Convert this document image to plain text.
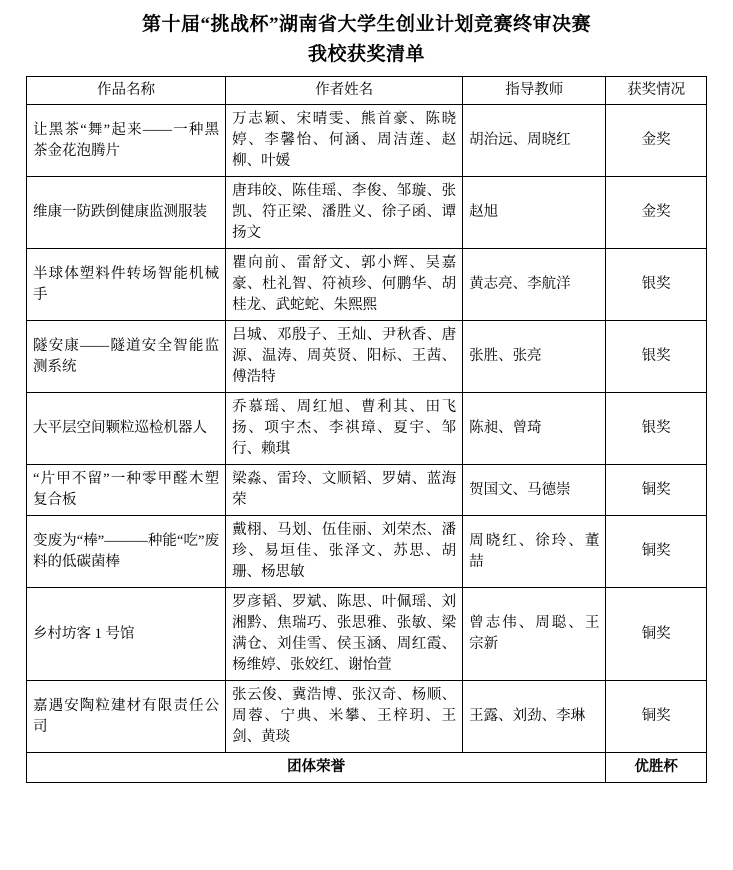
第十届“挑战杯”湖南省大学生创业计划竞赛终审决赛
我校获奖清单
作品名称	作者姓名	指导教师	获奖情况
让黑茶“舞”起来——一种黑茶金花泡腾片	万志颖、宋晴雯、熊首豪、陈晓婷、李馨怡、何涵、周洁莲、赵柳、叶媛	胡治远、周晓红	金奖
维康一防跌倒健康监测服装	唐玮皎、陈佳瑶、李俊、邹璇、张凯、符正梁、潘胜义、徐子函、谭扬文	赵旭	金奖
半球体塑料件转场智能机械手	瞿向前、雷舒文、郭小辉、吴嘉豪、杜礼智、符祯珍、何鹏华、胡桂龙、武蛇蛇、朱熙熙	黄志亮、李航洋	银奖
隧安康——隧道安全智能监测系统	吕城、邓殷子、王灿、尹秋香、唐源、温涛、周英贤、阳标、王茜、傅浩特	张胜、张亮	银奖
大平层空间颗粒巡检机器人	乔慕瑶、周红旭、曹利其、田飞扬、项宇杰、李祺璋、夏宇、邹行、赖琪	陈昶、曾琦	银奖
“片甲不留”一种零甲醛木塑复合板	梁淼、雷玲、文顺韬、罗婧、蓝海荣	贺国文、马德崇	铜奖
变废为“棒”———种能“吃”废料的低碳菌棒	戴栩、马划、伍佳丽、刘荣杰、潘珍、易垣佳、张泽文、苏思、胡珊、杨思敏	周晓红、徐玲、董喆	铜奖
乡村坊客 1 号馆	罗彦韬、罗斌、陈思、叶佩瑶、刘湘黔、焦瑞巧、张思雅、张敏、梁满仓、刘佳雪、侯玉涵、周红霞、杨维婷、张姣红、谢怡萱	曾志伟、周聪、王宗新	铜奖
嘉遇安陶粒建材有限责任公司	张云俊、冀浩博、张汉奇、杨顺、周蓉、宁典、米攀、王梓玥、王剑、黄琰	王露、刘劲、李琳	铜奖
团体荣誉			优胜杯
